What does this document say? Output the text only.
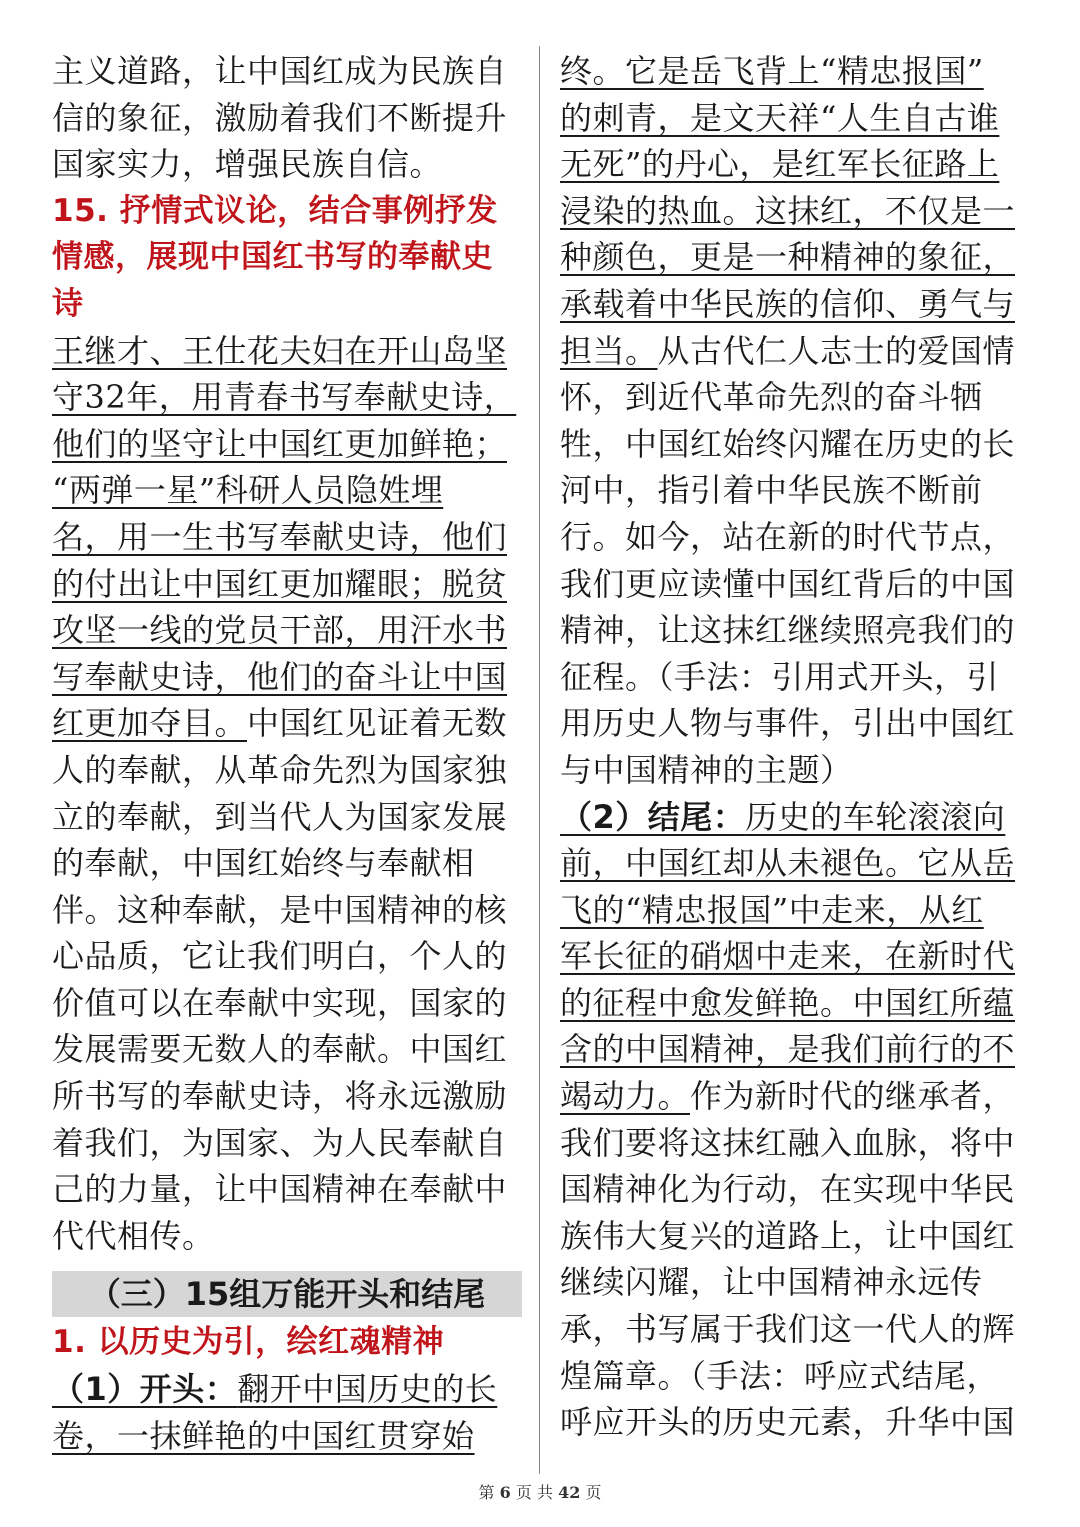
主义道路，让中国红成为民族自
信的象征，激励着我们不断提升
国家实力，增强民族自信。
15. 抒情式议论，结合事例抒发
情感，展现中国红书写的奉献史
诗
王继才、王仕花夫妇在开山岛坚
守32年，用青春书写奉献史诗，
他们的坚守让中国红更加鲜艳；
“两弹一星”科研人员隐姓埋
名，用一生书写奉献史诗，他们
的付出让中国红更加耀眼；脱贫
攻坚一线的党员干部，用汗水书
写奉献史诗，他们的奋斗让中国
红更加夺目。中国红见证着无数
人的奉献，从革命先烈为国家独
立的奉献，到当代人为国家发展
的奉献，中国红始终与奉献相
伴。这种奉献，是中国精神的核
心品质，它让我们明白，个人的
价值可以在奉献中实现，国家的
发展需要无数人的奉献。中国红
所书写的奉献史诗，将永远激励
着我们，为国家、为人民奉献自
己的力量，让中国精神在奉献中
代代相传。
（三）15组万能开头和结尾
1. 以历史为引，绘红魂精神
（1）开头：翻开中国历史的长
卷，一抹鲜艳的中国红贯穿始
终。它是岳飞背上“精忠报国”
的刺青，是文天祥“人生自古谁
无死”的丹心，是红军长征路上
浸染的热血。这抹红，不仅是一
种颜色，更是一种精神的象征，
承载着中华民族的信仰、勇气与
担当。从古代仁人志士的爱国情
怀，到近代革命先烈的奋斗牺
牲，中国红始终闪耀在历史的长
河中，指引着中华民族不断前
行。如今，站在新的时代节点，
我们更应读懂中国红背后的中国
精神，让这抹红继续照亮我们的
征程。（手法：引用式开头，引
用历史人物与事件，引出中国红
与中国精神的主题）
（2）结尾：历史的车轮滚滚向
前，中国红却从未褪色。它从岳
飞的“精忠报国”中走来，从红
军长征的硝烟中走来，在新时代
的征程中愈发鲜艳。中国红所蕴
含的中国精神，是我们前行的不
竭动力。作为新时代的继承者，
我们要将这抹红融入血脉，将中
国精神化为行动，在实现中华民
族伟大复兴的道路上，让中国红
继续闪耀，让中国精神永远传
承，书写属于我们这一代人的辉
煌篇章。（手法：呼应式结尾，
呼应开头的历史元素，升华中国
第 6 页 共 42 页
